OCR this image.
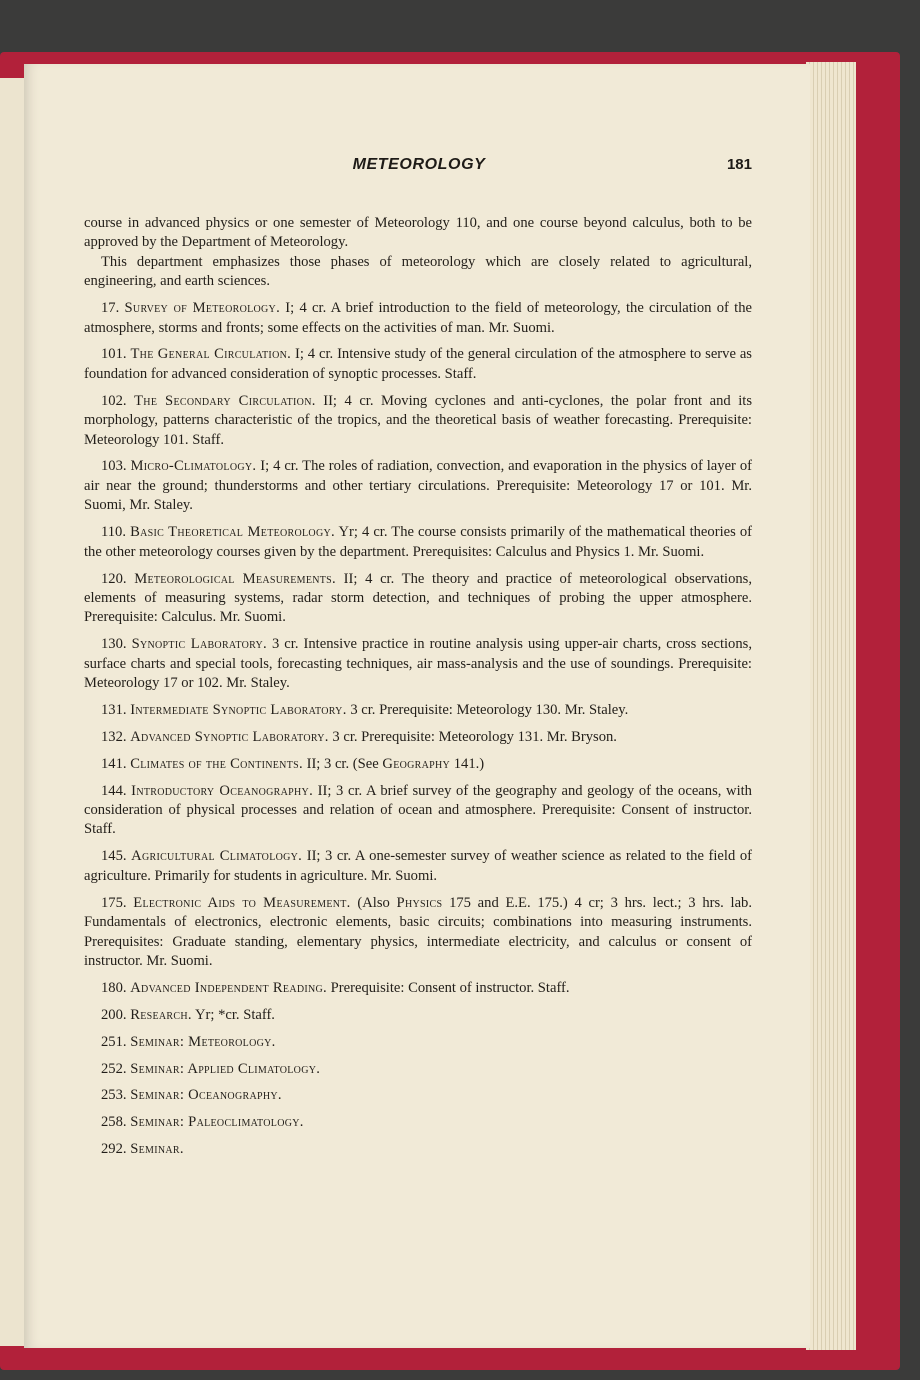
METEOROLOGY	181

course in advanced physics or one semester of Meteorology 110, and one course beyond calculus, both to be approved by the Department of Meteorology.

This department emphasizes those phases of meteorology which are closely related to agricultural, engineering, and earth sciences.

17. Survey of Meteorology. I; 4 cr. A brief introduction to the field of meteorology, the circulation of the atmosphere, storms and fronts; some effects on the activities of man. Mr. Suomi.

101. The General Circulation. I; 4 cr. Intensive study of the general circulation of the atmosphere to serve as foundation for advanced consideration of synoptic processes. Staff.

102. The Secondary Circulation. II; 4 cr. Moving cyclones and anti-cyclones, the polar front and its morphology, patterns characteristic of the tropics, and the theoretical basis of weather forecasting. Prerequisite: Meteorology 101. Staff.

103. Micro-Climatology. I; 4 cr. The roles of radiation, convection, and evaporation in the physics of layer of air near the ground; thunderstorms and other tertiary circulations. Prerequisite: Meteorology 17 or 101. Mr. Suomi, Mr. Staley.

110. Basic Theoretical Meteorology. Yr; 4 cr. The course consists primarily of the mathematical theories of the other meteorology courses given by the department. Prerequisites: Calculus and Physics 1. Mr. Suomi.

120. Meteorological Measurements. II; 4 cr. The theory and practice of meteorological observations, elements of measuring systems, radar storm detection, and techniques of probing the upper atmosphere. Prerequisite: Calculus. Mr. Suomi.

130. Synoptic Laboratory. 3 cr. Intensive practice in routine analysis using upper-air charts, cross sections, surface charts and special tools, forecasting techniques, air mass-analysis and the use of soundings. Prerequisite: Meteorology 17 or 102. Mr. Staley.

131. Intermediate Synoptic Laboratory. 3 cr. Prerequisite: Meteorology 130. Mr. Staley.

132. Advanced Synoptic Laboratory. 3 cr. Prerequisite: Meteorology 131. Mr. Bryson.

141. Climates of the Continents. II; 3 cr. (See Geography 141.)

144. Introductory Oceanography. II; 3 cr. A brief survey of the geography and geology of the oceans, with consideration of physical processes and relation of ocean and atmosphere. Prerequisite: Consent of instructor. Staff.

145. Agricultural Climatology. II; 3 cr. A one-semester survey of weather science as related to the field of agriculture. Primarily for students in agriculture. Mr. Suomi.

175. Electronic Aids to Measurement. (Also Physics 175 and E.E. 175.) 4 cr; 3 hrs. lect.; 3 hrs. lab. Fundamentals of electronics, electronic elements, basic circuits; combinations into measuring instruments. Prerequisites: Graduate standing, elementary physics, intermediate electricity, and calculus or consent of instructor. Mr. Suomi.

180. Advanced Independent Reading. Prerequisite: Consent of instructor. Staff.

200. Research. Yr; *cr. Staff.

251. Seminar: Meteorology.

252. Seminar: Applied Climatology.

253. Seminar: Oceanography.

258. Seminar: Paleoclimatology.

292. Seminar.
